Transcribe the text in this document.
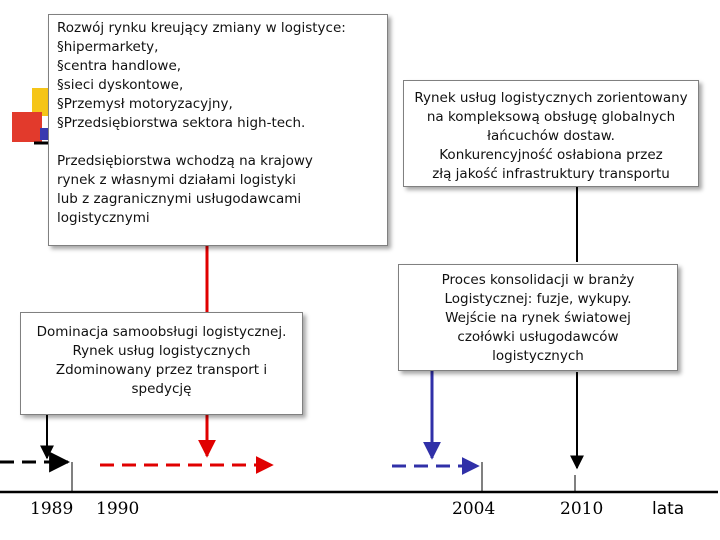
Rozwój rynku kreujący zmiany w logistyce:
§hipermarkety,
§centra handlowe,
§sieci dyskontowe,
§Przemysł motoryzacyjny,
§Przedsiębiorstwa sektora high-tech.
Przedsiębiorstwa wchodzą na krajowy
rynek z własnymi działami logistyki
lub z zagranicznymi usługodawcami
logistycznymi
Rynek usług logistycznych zorientowany
na kompleksową obsługę globalnych
łańcuchów dostaw.
Konkurencyjność osłabiona przez
złą jakość infrastruktury transportu
Dominacja samoobsługi logistycznej.
Rynek usług logistycznych
Zdominowany przez transport i
spedycję
Proces konsolidacji w branży
Logistycznej: fuzje, wykupy.
Wejście na rynek światowej
czołówki usługodawców
logistycznych
1989 1990	2004	2010	lata
